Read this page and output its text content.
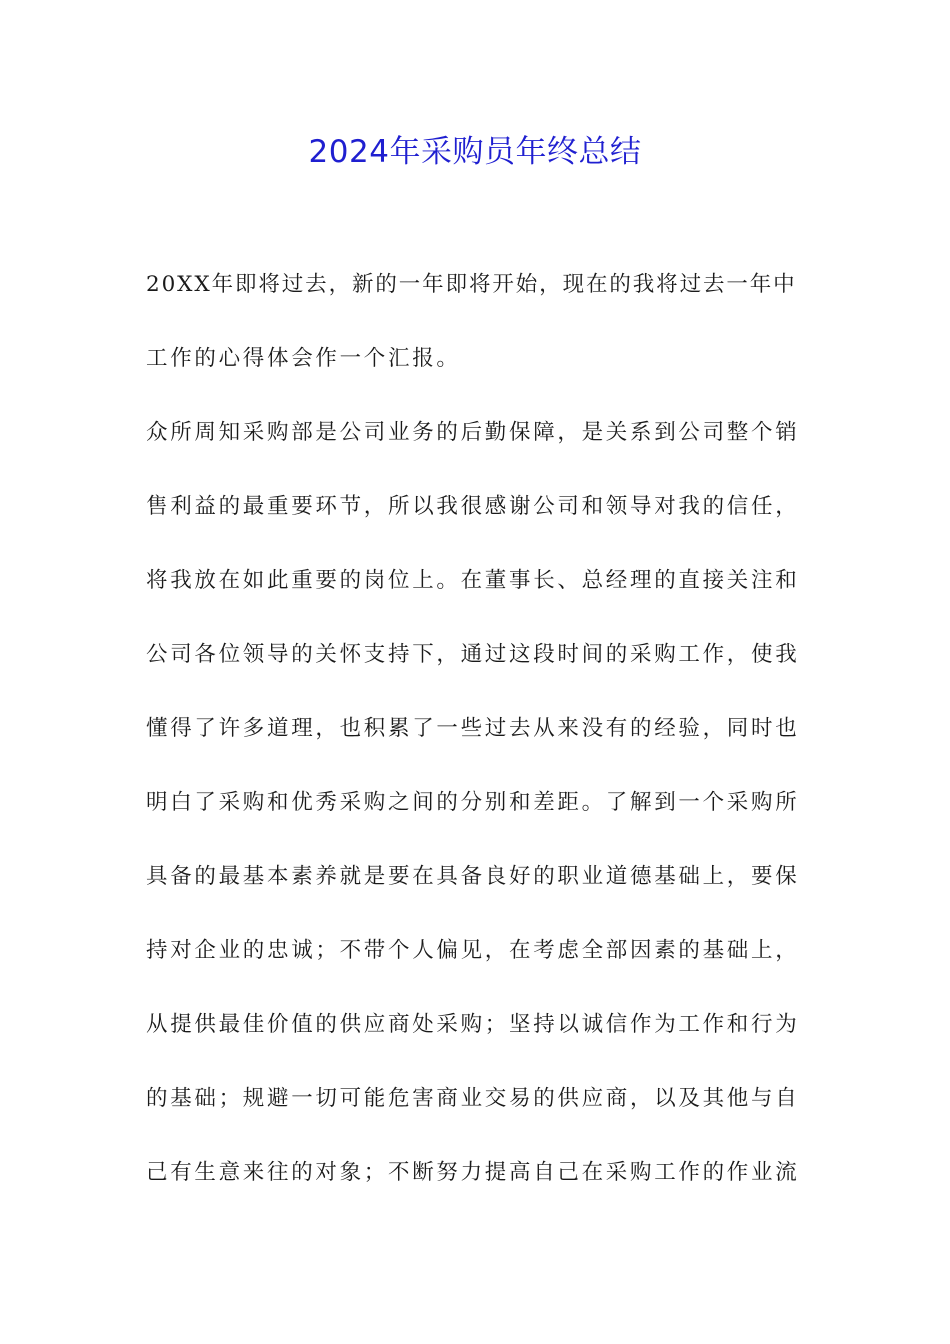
2024年采购员年终总结
20XX年即将过去，新的一年即将开始，现在的我将过去一年中
工作的心得体会作一个汇报。
众所周知采购部是公司业务的后勤保障，是关系到公司整个销
售利益的最重要环节，所以我很感谢公司和领导对我的信任，
将我放在如此重要的岗位上。在董事长、总经理的直接关注和
公司各位领导的关怀支持下，通过这段时间的采购工作，使我
懂得了许多道理，也积累了一些过去从来没有的经验，同时也
明白了采购和优秀采购之间的分别和差距。了解到一个采购所
具备的最基本素养就是要在具备良好的职业道德基础上，要保
持对企业的忠诚；不带个人偏见，在考虑全部因素的基础上，
从提供最佳价值的供应商处采购；坚持以诚信作为工作和行为
的基础；规避一切可能危害商业交易的供应商，以及其他与自
己有生意来往的对象；不断努力提高自己在采购工作的作业流
